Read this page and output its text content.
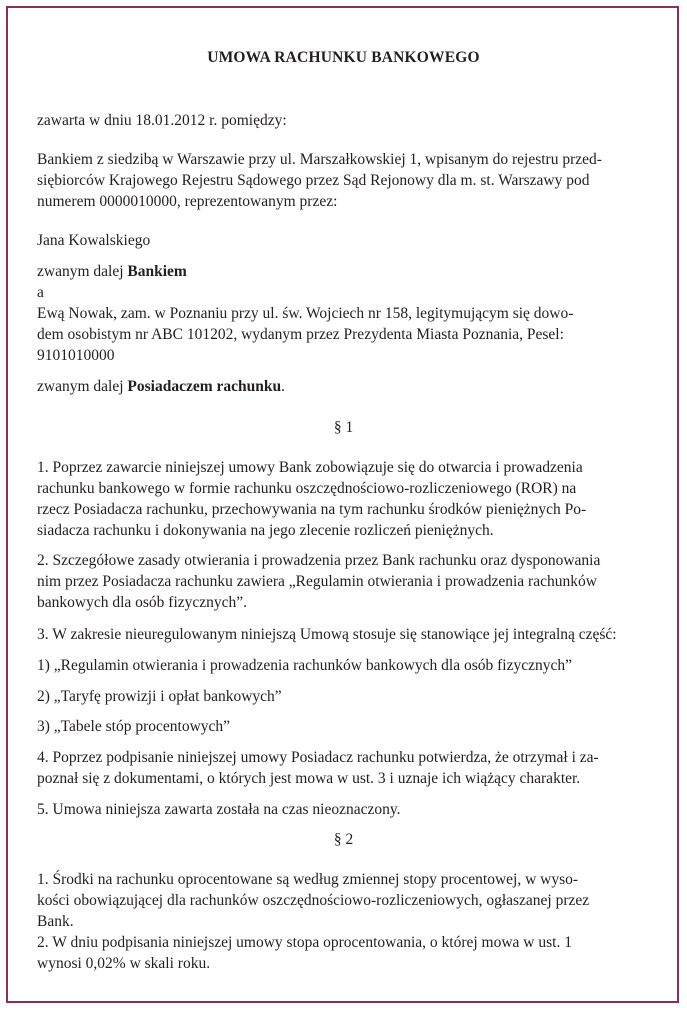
UMOWA RACHUNKU BANKOWEGO

zawarta w dniu 18.01.2012 r. pomiędzy:

Bankiem z siedzibą w Warszawie przy ul. Marszałkowskiej 1, wpisanym do rejestru przed-

siębiorców Krajowego Rejestru Sądowego przez Sąd Rejonowy dla m. st. Warszawy pod

numerem 0000010000, reprezentowanym przez:

Jana Kowalskiego

zwanym dalej Bankiem

a

Ewą Nowak, zam. w Poznaniu przy ul. św. Wojciech nr 158, legitymującym się dowo-

dem osobistym nr ABC 101202, wydanym przez Prezydenta Miasta Poznania, Pesel:

9101010000

zwanym dalej Posiadaczem rachunku.

§ 1

1. Poprzez zawarcie niniejszej umowy Bank zobowiązuje się do otwarcia i prowadzenia

rachunku bankowego w formie rachunku oszczędnościowo-rozliczeniowego (ROR) na

rzecz Posiadacza rachunku, przechowywania na tym rachunku środków pieniężnych Po-

siadacza rachunku i dokonywania na jego zlecenie rozliczeń pieniężnych.

2. Szczegółowe zasady otwierania i prowadzenia przez Bank rachunku oraz dysponowania

nim przez Posiadacza rachunku zawiera „Regulamin otwierania i prowadzenia rachunków

bankowych dla osób fizycznych”.

3. W zakresie nieuregulowanym niniejszą Umową stosuje się stanowiące jej integralną część:

1) „Regulamin otwierania i prowadzenia rachunków bankowych dla osób fizycznych”

2) „Taryfę prowizji i opłat bankowych”

3) „Tabele stóp procentowych”

4. Poprzez podpisanie niniejszej umowy Posiadacz rachunku potwierdza, że otrzymał i za-

poznał się z dokumentami, o których jest mowa w ust. 3 i uznaje ich wiążący charakter.

5. Umowa niniejsza zawarta została na czas nieoznaczony.

§ 2

1. Środki na rachunku oprocentowane są według zmiennej stopy procentowej, w wyso-

kości obowiązującej dla rachunków oszczędnościowo-rozliczeniowych, ogłaszanej przez

Bank.

2. W dniu podpisania niniejszej umowy stopa oprocentowania, o której mowa w ust. 1

wynosi 0,02% w skali roku.
